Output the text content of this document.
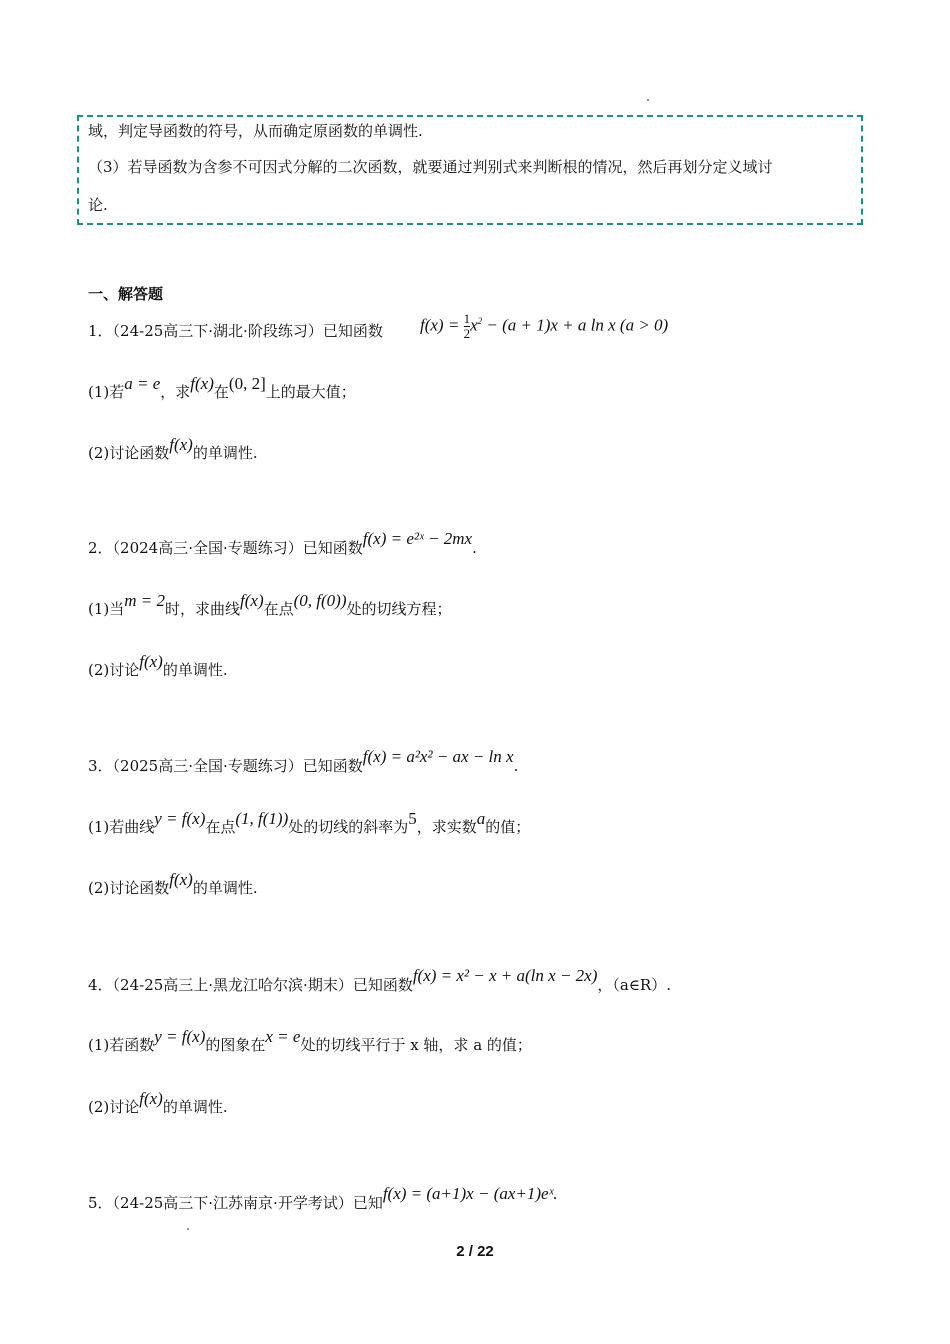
域，判定导函数的符号，从而确定原函数的单调性.
（3）若导函数为含参不可因式分解的二次函数，就要通过判别式来判断根的情况，然后再划分定义域讨
论.
一、解答题
1．（24-25高三下·湖北·阶段练习）已知函数 $f(x) = \frac{1}{2} x^2 - (a + 1)x + a$ ln x (a > 0)
(1)若a = e，求f(x)在(0, 2]上的最大值；
(2)讨论函数f(x)的单调性.
2．（2024高三·全国·专题练习）已知函数f(x) = e²ˣ − 2mx.
(1)当m = 2时，求曲线f(x)在点(0, f(0))处的切线方程；
(2)讨论f(x)的单调性.
3．（2025高三·全国·专题练习）已知函数f(x) = a²x² − ax − ln x.
(1)若曲线y = f(x)在点(1, f(1))处的切线的斜率为5，求实数a的值；
(2)讨论函数f(x)的单调性.
4．（24-25高三上·黑龙江哈尔滨·期末）已知函数f(x) = x² − x + a(ln x − 2x)，（a∈R）.
(1)若函数y = f(x)的图象在x = e处的切线平行于 x 轴，求 a 的值；
(2)讨论f(x)的单调性.
5．（24-25高三下·江苏南京·开学考试）已知f(x) = (a+1)x − (ax+1)eˣ.
2 / 22
